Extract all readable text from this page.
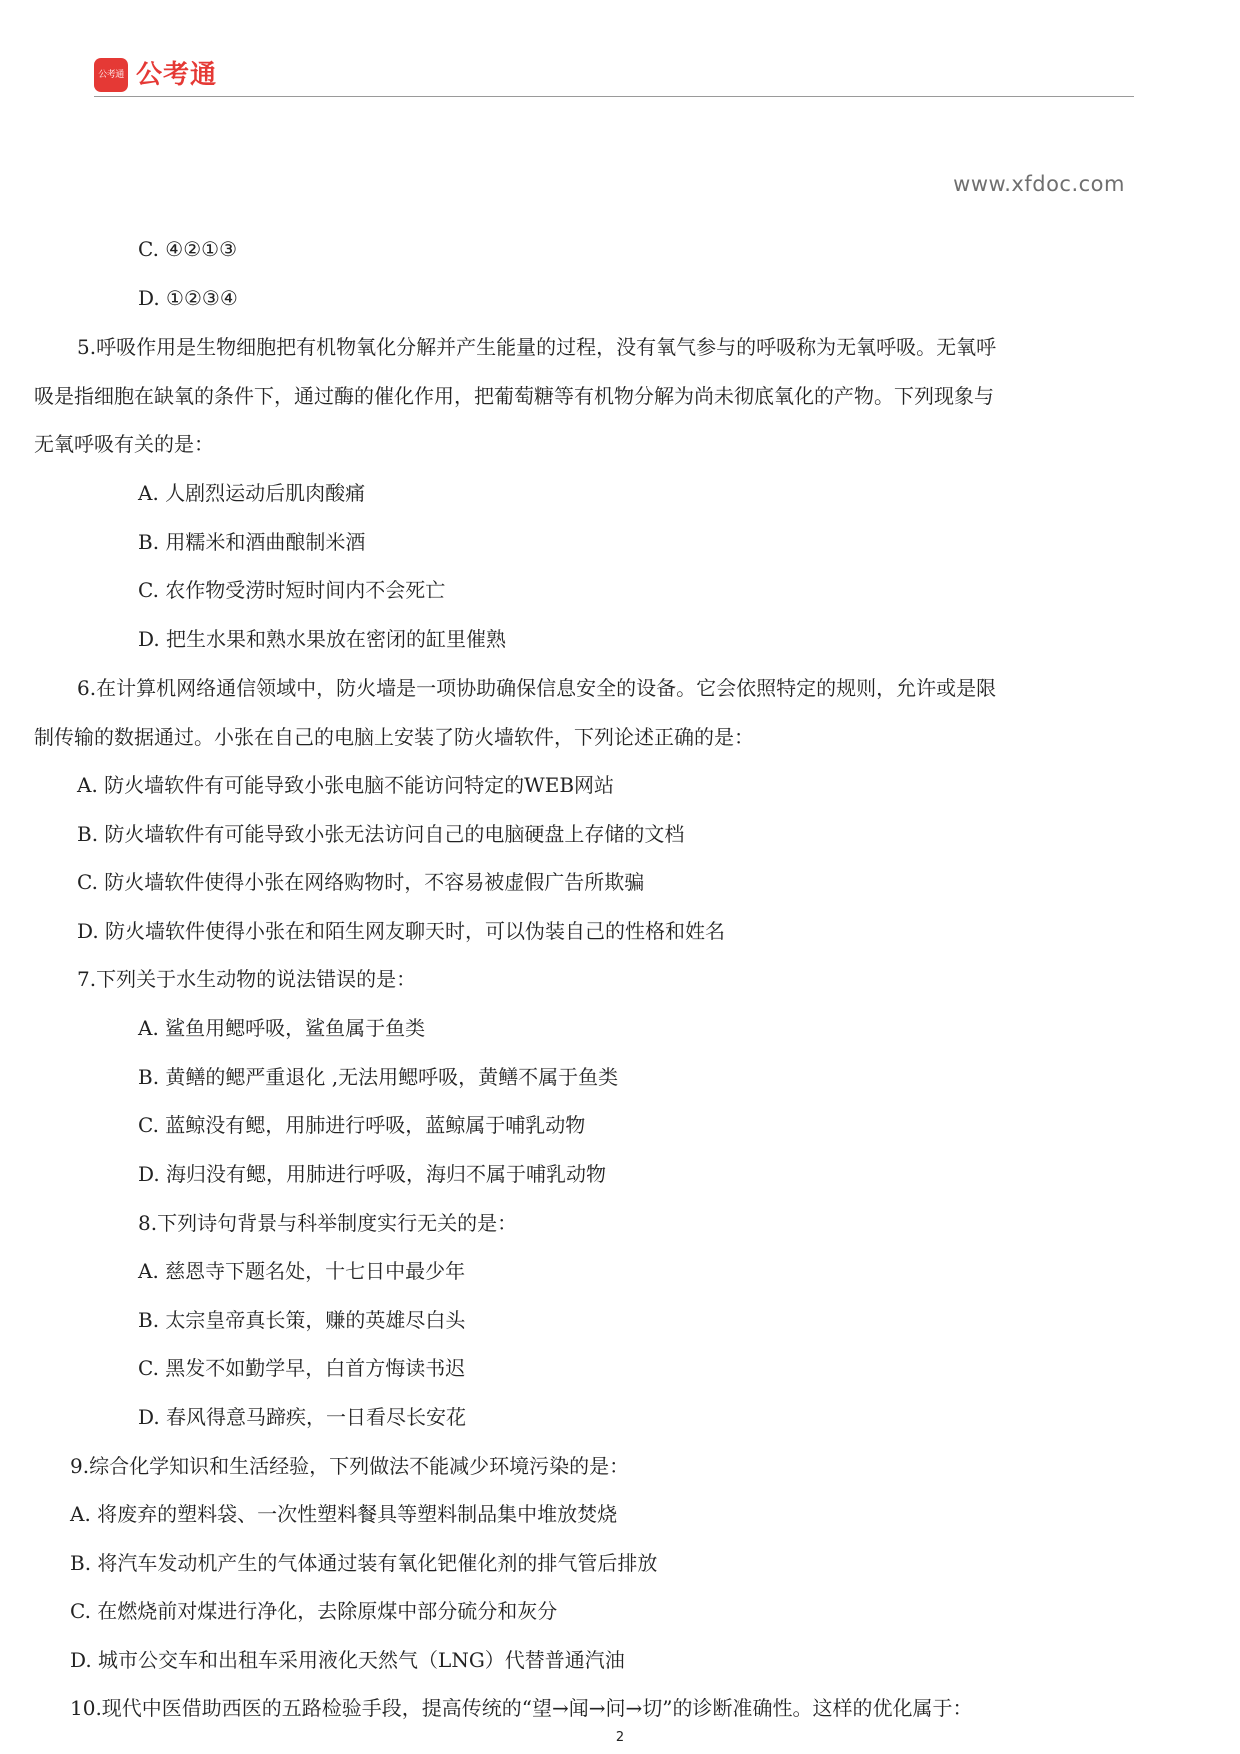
公考通 公考通
www.xfdoc.com
C. ④②①③
D. ①②③④
5.呼吸作用是生物细胞把有机物氧化分解并产生能量的过程，没有氧气参与的呼吸称为无氧呼吸。无氧呼
吸是指细胞在缺氧的条件下，通过酶的催化作用，把葡萄糖等有机物分解为尚未彻底氧化的产物。下列现象与
无氧呼吸有关的是：
A. 人剧烈运动后肌肉酸痛
B. 用糯米和酒曲酿制米酒
C. 农作物受涝时短时间内不会死亡
D. 把生水果和熟水果放在密闭的缸里催熟
6.在计算机网络通信领域中，防火墙是一项协助确保信息安全的设备。它会依照特定的规则，允许或是限
制传输的数据通过。小张在自己的电脑上安装了防火墙软件，下列论述正确的是：
A. 防火墙软件有可能导致小张电脑不能访问特定的WEB网站
B. 防火墙软件有可能导致小张无法访问自己的电脑硬盘上存储的文档
C. 防火墙软件使得小张在网络购物时，不容易被虚假广告所欺骗
D. 防火墙软件使得小张在和陌生网友聊天时，可以伪装自己的性格和姓名
7.下列关于水生动物的说法错误的是：
A. 鲨鱼用鳃呼吸，鲨鱼属于鱼类
B. 黄鳝的鳃严重退化 ,无法用鳃呼吸，黄鳝不属于鱼类
C. 蓝鲸没有鳃，用肺进行呼吸，蓝鲸属于哺乳动物
D. 海归没有鳃，用肺进行呼吸，海归不属于哺乳动物
8.下列诗句背景与科举制度实行无关的是：
A. 慈恩寺下题名处，十七日中最少年
B. 太宗皇帝真长策，赚的英雄尽白头
C. 黑发不如勤学早，白首方悔读书迟
D. 春风得意马蹄疾，一日看尽长安花
9.综合化学知识和生活经验，下列做法不能减少环境污染的是：
A. 将废弃的塑料袋、一次性塑料餐具等塑料制品集中堆放焚烧
B. 将汽车发动机产生的气体通过装有氧化钯催化剂的排气管后排放
C. 在燃烧前对煤进行净化，去除原煤中部分硫分和灰分
D. 城市公交车和出租车采用液化天然气（LNG）代替普通汽油
10.现代中医借助西医的五路检验手段，提高传统的“望→闻→问→切”的诊断准确性。这样的优化属于：
2
